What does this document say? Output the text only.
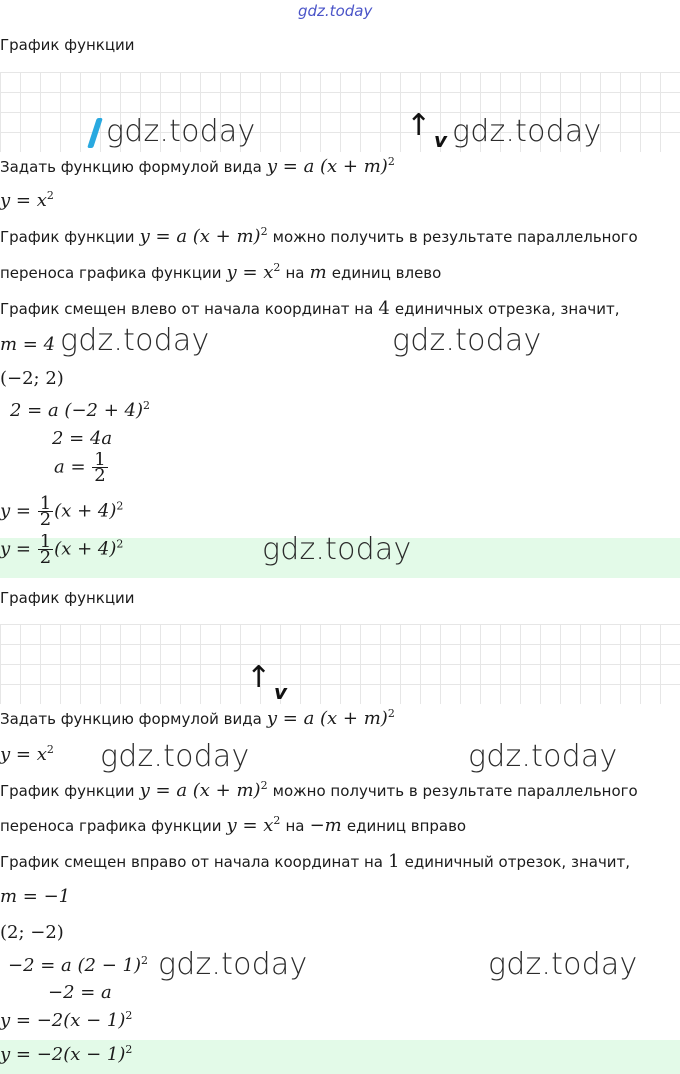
gdz.today
График функции
gdz.today	↑ v gdz.today
Задать функцию формулой вида y = a $(x + m)^2$
$y = x^2$
График функции y = a $(x + m)^2$ можно получить в результате параллельного
переноса графика функции $y = x^2$ на m единиц влево
График смещен влево от начала координат на 4 единичных отрезка, значит,
m = 4 gdz.today	gdz.today
(−2; 2)
2 = a $(-2 + 4)^2$
2 = 4a
$a = \frac{1}{2}$
$y = \frac{1}{2} (x + 4)^2$
$y = \frac{1}{2} (x + 4)^2$	gdz.today
График функции
↑ v
Задать функцию формулой вида y = a $(x + m)^2$
$y = x^2$ gdz.today	gdz.today
График функции y = a $(x + m)^2$ можно получить в результате параллельного
переноса графика функции $y = x^2$ на −m единиц вправо
График смещен вправо от начала координат на 1 единичный отрезок, значит,
m = −1
(2; −2)
−2 = a $(2 - 1)^2$ gdz.today	gdz.today
−2 = a
$y = -2(x - 1)^2$
$y = -2(x - 1)^2$
